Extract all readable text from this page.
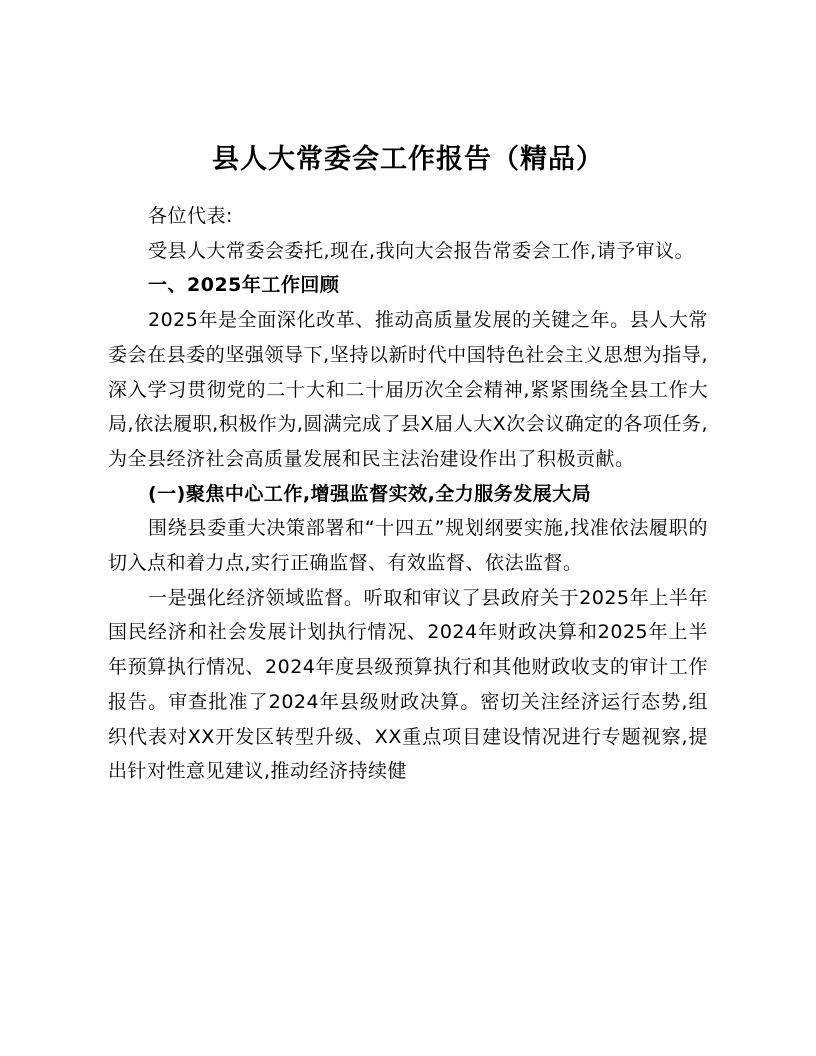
县人大常委会工作报告（精品）

各位代表:

受县人大常委会委托,现在,我向大会报告常委会工作,请予审议。

一、2025年工作回顾

2025年是全面深化改革、推动高质量发展的关键之年。县人大常委会在县委的坚强领导下,坚持以新时代中国特色社会主义思想为指导,深入学习贯彻党的二十大和二十届历次全会精神,紧紧围绕全县工作大局,依法履职,积极作为,圆满完成了县X届人大X次会议确定的各项任务,为全县经济社会高质量发展和民主法治建设作出了积极贡献。

(一)聚焦中心工作,增强监督实效,全力服务发展大局

围绕县委重大决策部署和“十四五”规划纲要实施,找准依法履职的切入点和着力点,实行正确监督、有效监督、依法监督。

一是强化经济领域监督。听取和审议了县政府关于2025年上半年国民经济和社会发展计划执行情况、2024年财政决算和2025年上半年预算执行情况、2024年度县级预算执行和其他财政收支的审计工作报告。审查批准了2024年县级财政决算。密切关注经济运行态势,组织代表对XX开发区转型升级、XX重点项目建设情况进行专题视察,提出针对性意见建议,推动经济持续健
